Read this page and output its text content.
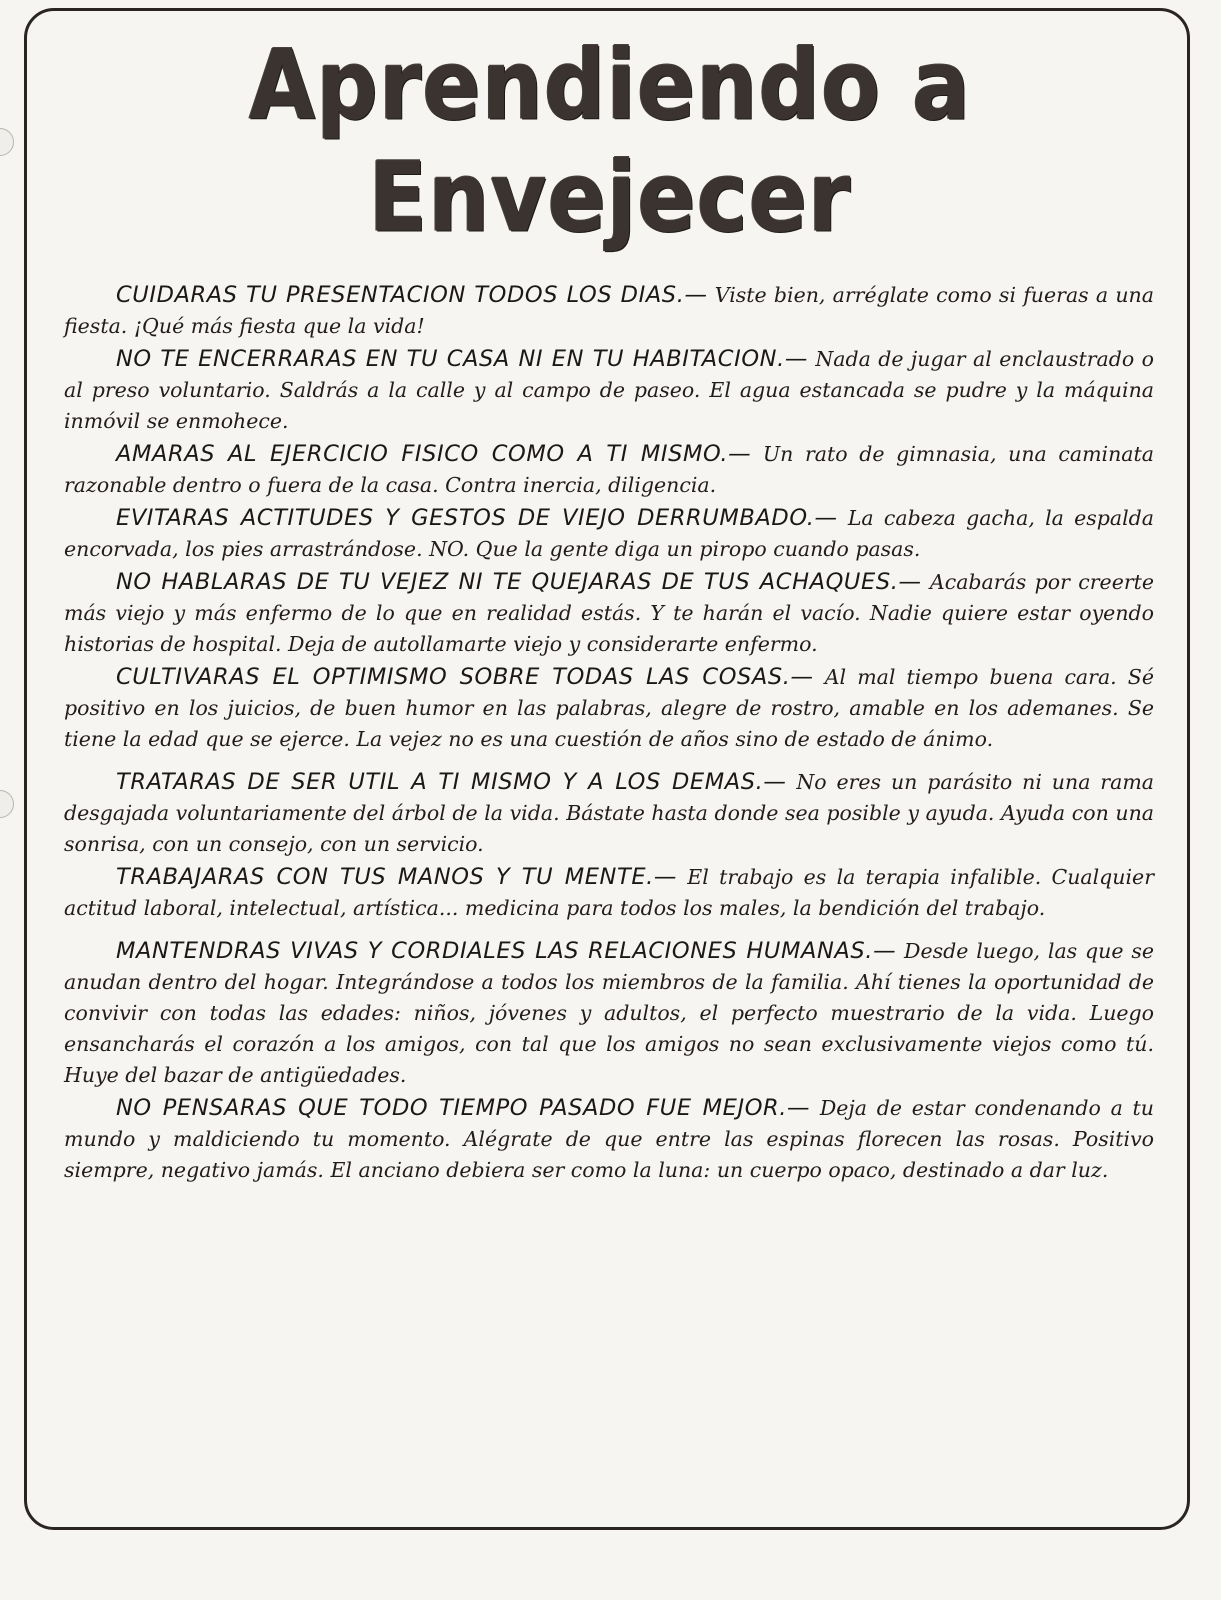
Aprendiendo a Envejecer

CUIDARAS TU PRESENTACION TODOS LOS DIAS.— Viste bien, arréglate como si fueras a una fiesta. ¡Qué más fiesta que la vida!

NO TE ENCERRARAS EN TU CASA NI EN TU HABITACION.— Nada de jugar al enclaustrado o al preso voluntario. Saldrás a la calle y al campo de paseo. El agua estancada se pudre y la máquina inmóvil se enmohece.

AMARAS AL EJERCICIO FISICO COMO A TI MISMO.— Un rato de gimnasia, una caminata razonable dentro o fuera de la casa. Contra inercia, diligencia.

EVITARAS ACTITUDES Y GESTOS DE VIEJO DERRUMBADO.— La cabeza gacha, la espalda encorvada, los pies arrastrándose. NO. Que la gente diga un piropo cuando pasas.

NO HABLARAS DE TU VEJEZ NI TE QUEJARAS DE TUS ACHAQUES.— Acabarás por creerte más viejo y más enfermo de lo que en realidad estás. Y te harán el vacío. Nadie quiere estar oyendo historias de hospital. Deja de autollamarte viejo y considerarte enfermo.

CULTIVARAS EL OPTIMISMO SOBRE TODAS LAS COSAS.— Al mal tiempo buena cara. Sé positivo en los juicios, de buen humor en las palabras, alegre de rostro, amable en los ademanes. Se tiene la edad que se ejerce. La vejez no es una cuestión de años sino de estado de ánimo.

TRATARAS DE SER UTIL A TI MISMO Y A LOS DEMAS.— No eres un parásito ni una rama desgajada voluntariamente del árbol de la vida. Bástate hasta donde sea posible y ayuda. Ayuda con una sonrisa, con un consejo, con un servicio.

TRABAJARAS CON TUS MANOS Y TU MENTE.— El trabajo es la terapia infalible. Cualquier actitud laboral, intelectual, artística... medicina para todos los males, la bendición del trabajo.

MANTENDRAS VIVAS Y CORDIALES LAS RELACIONES HUMANAS.— Desde luego, las que se anudan dentro del hogar. Integrándose a todos los miembros de la familia. Ahí tienes la oportunidad de convivir con todas las edades: niños, jóvenes y adultos, el perfecto muestrario de la vida. Luego ensancharás el corazón a los amigos, con tal que los amigos no sean exclusivamente viejos como tú. Huye del bazar de antigüedades.

NO PENSARAS QUE TODO TIEMPO PASADO FUE MEJOR.— Deja de estar condenando a tu mundo y maldiciendo tu momento. Alégrate de que entre las espinas florecen las rosas. Positivo siempre, negativo jamás. El anciano debiera ser como la luna: un cuerpo opaco, destinado a dar luz.
